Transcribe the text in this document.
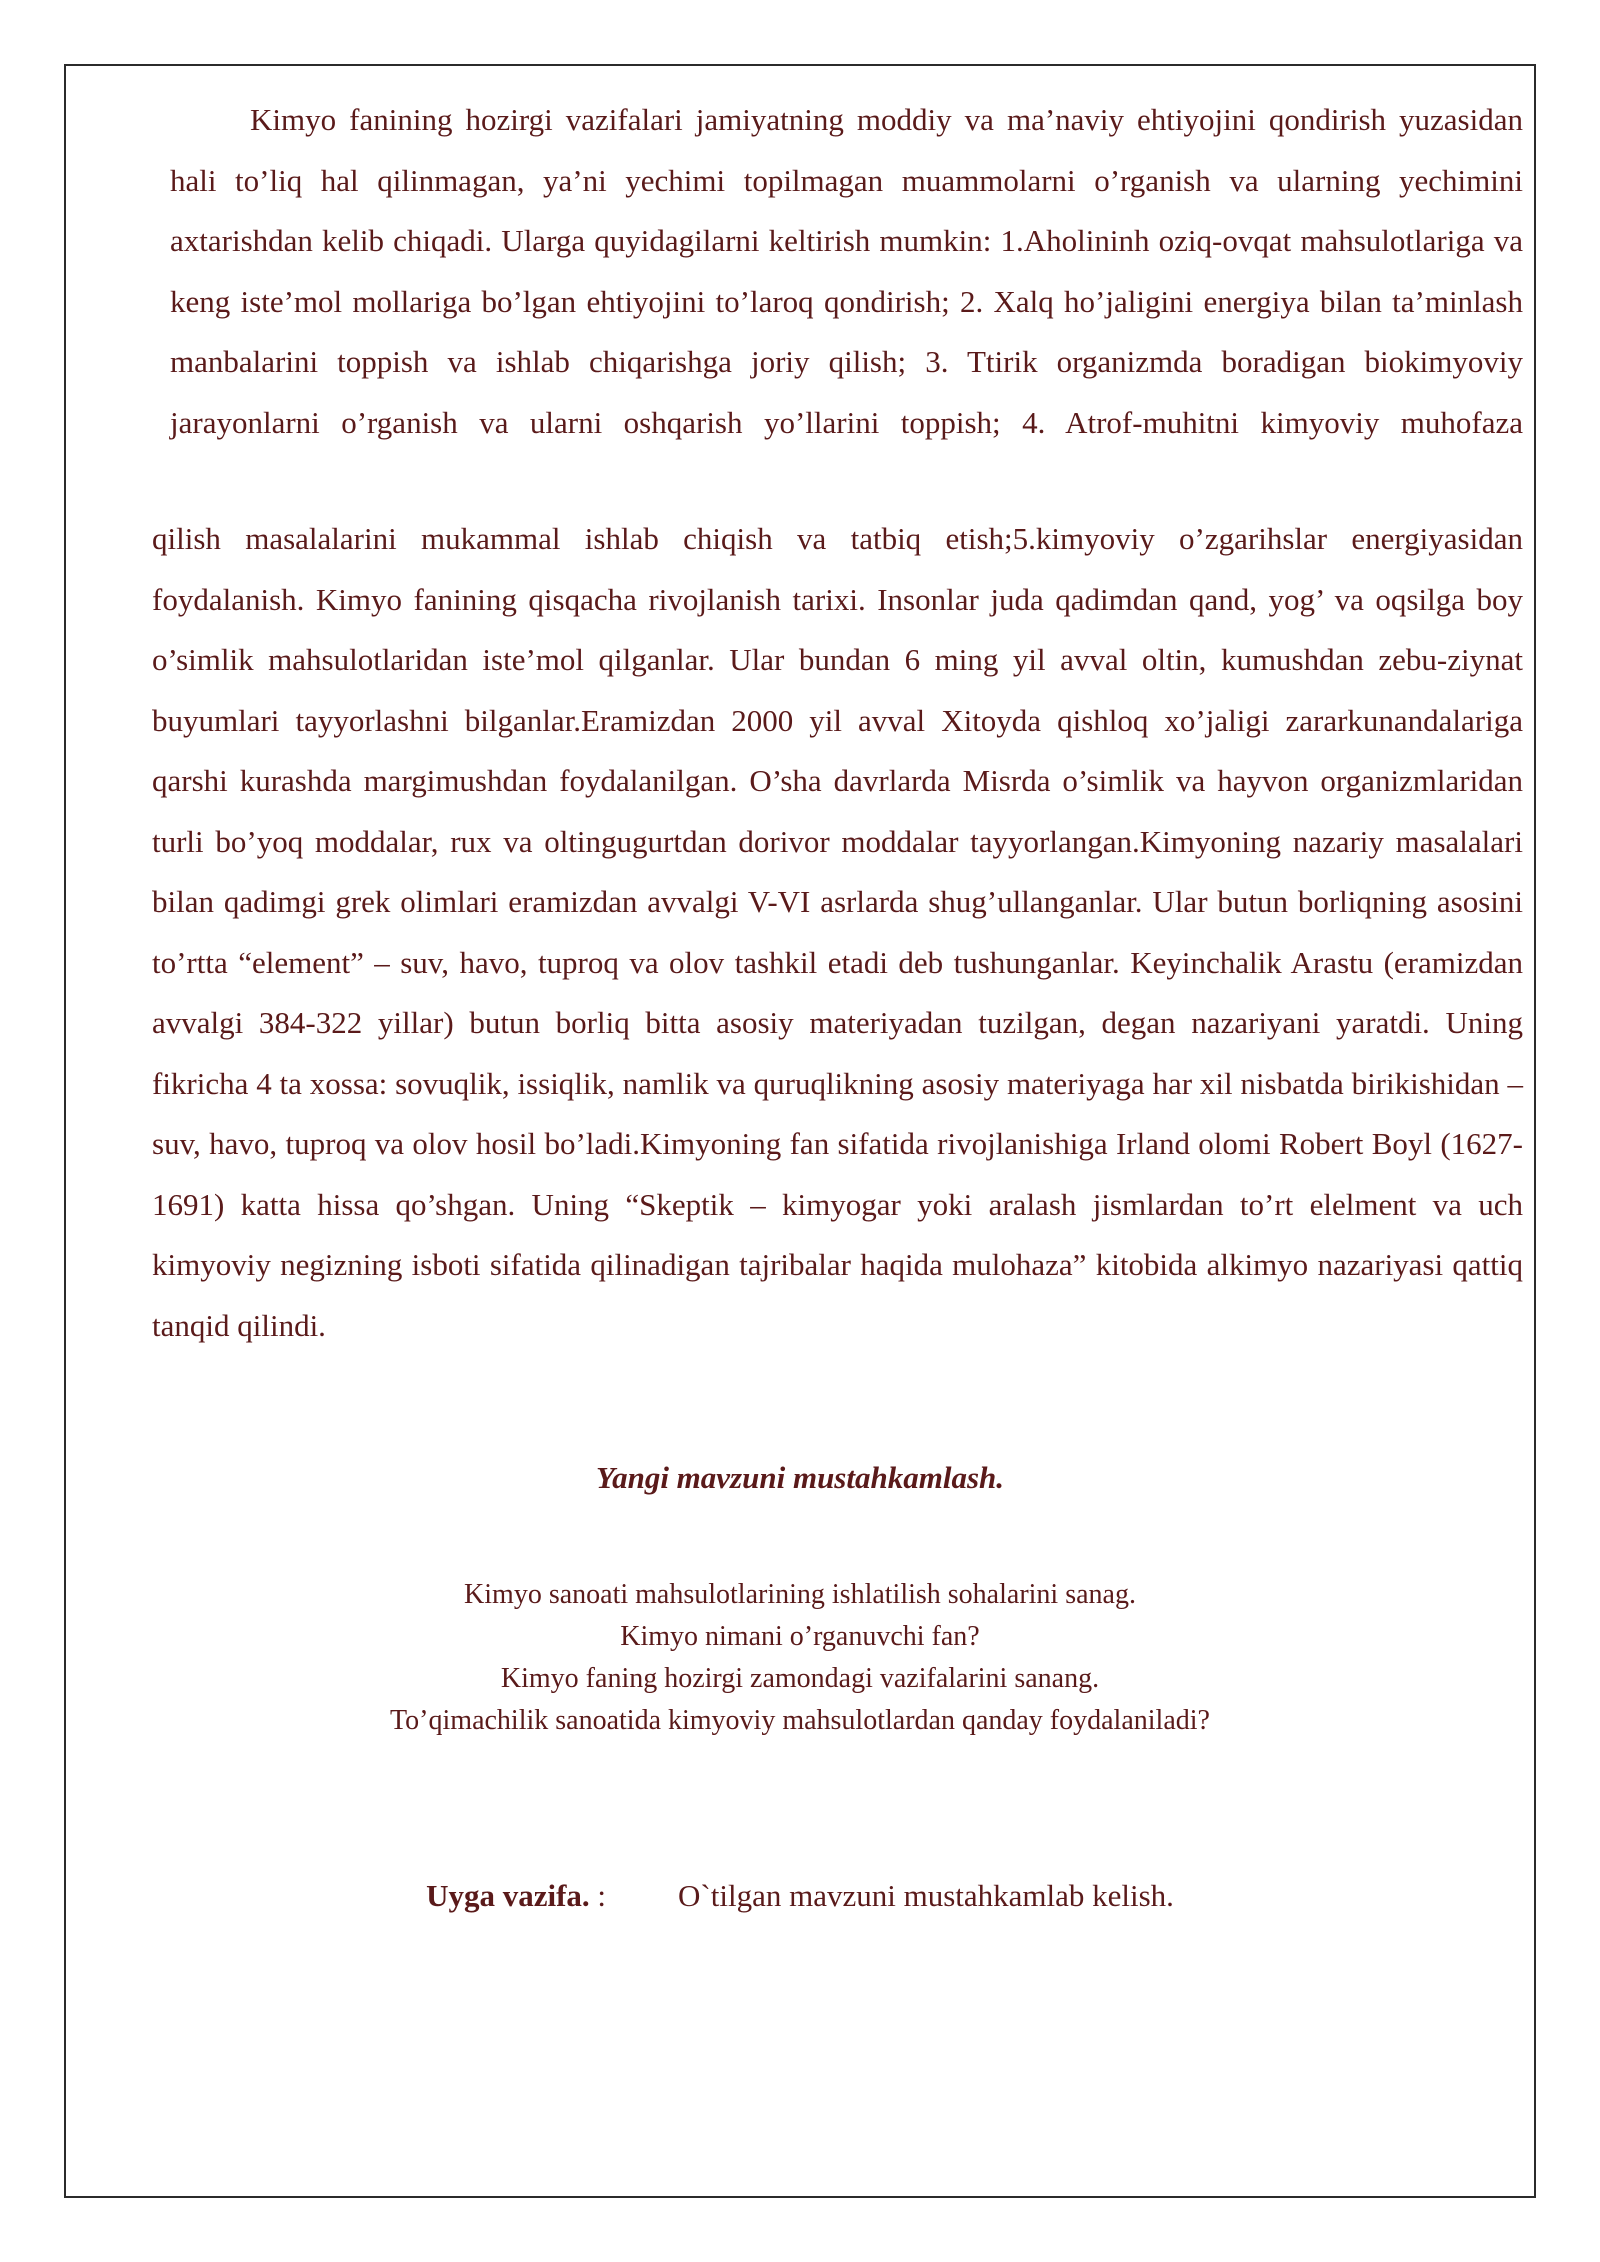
Kimyo fanining hozirgi vazifalari jamiyatning moddiy va ma’naviy ehtiyojini qondirish yuzasidan hali to’liq hal qilinmagan, ya’ni yechimi topilmagan muammolarni o’rganish va ularning yechimini axtarishdan kelib chiqadi. Ularga quyidagilarni keltirish mumkin: 1.Aholininh oziq-ovqat mahsulotlariga va keng iste’mol mollariga bo’lgan ehtiyojini to’laroq qondirish; 2. Xalq ho’jaligini energiya bilan ta’minlash manbalarini toppish va ishlab chiqarishga joriy qilish; 3. Ttirik organizmda boradigan biokimyoviy jarayonlarni o’rganish va ularni oshqarish yo’llarini toppish; 4. Atrof-muhitni kimyoviy muhofaza

qilish masalalarini mukammal ishlab chiqish va tatbiq etish;5.kimyoviy o’zgarihslar energiyasidan foydalanish. Kimyo fanining qisqacha rivojlanish tarixi. Insonlar juda qadimdan qand, yog’ va oqsilga boy o’simlik mahsulotlaridan iste’mol qilganlar. Ular bundan 6 ming yil avval oltin, kumushdan zebu-ziynat buyumlari tayyorlashni bilganlar.Eramizdan 2000 yil avval Xitoyda qishloq xo’jaligi zararkunandalariga qarshi kurashda margimushdan foydalanilgan. O’sha davrlarda Misrda o’simlik va hayvon organizmlaridan turli bo’yoq moddalar, rux va oltingugurtdan dorivor moddalar tayyorlangan.Kimyoning nazariy masalalari bilan qadimgi grek olimlari eramizdan avvalgi V-VI asrlarda shug’ullanganlar. Ular butun borliqning asosini to’rtta “element” – suv, havo, tuproq va olov tashkil etadi deb tushunganlar. Keyinchalik Arastu (eramizdan avvalgi 384-322 yillar) butun borliq bitta asosiy materiyadan tuzilgan, degan nazariyani yaratdi. Uning fikricha 4 ta xossa: sovuqlik, issiqlik, namlik va quruqlikning asosiy materiyaga har xil nisbatda birikishidan – suv, havo, tuproq va olov hosil bo’ladi.Kimyoning fan sifatida rivojlanishiga Irland olomi Robert Boyl (1627-1691) katta hissa qo’shgan. Uning “Skeptik – kimyogar yoki aralash jismlardan to’rt elelment va uch kimyoviy negizning isboti sifatida qilinadigan tajribalar haqida mulohaza” kitobida alkimyo nazariyasi qattiq tanqid qilindi.

Yangi mavzuni mustahkamlash.
Kimyo sanoati mahsulotlarining ishlatilish sohalarini sanag.
Kimyo nimani o’rganuvchi fan?
Kimyo faning hozirgi zamondagi vazifalarini sanang.
To’qimachilik sanoatida kimyoviy mahsulotlardan qanday foydalaniladi?

Uyga vazifa. : O`tilgan mavzuni mustahkamlab kelish.
